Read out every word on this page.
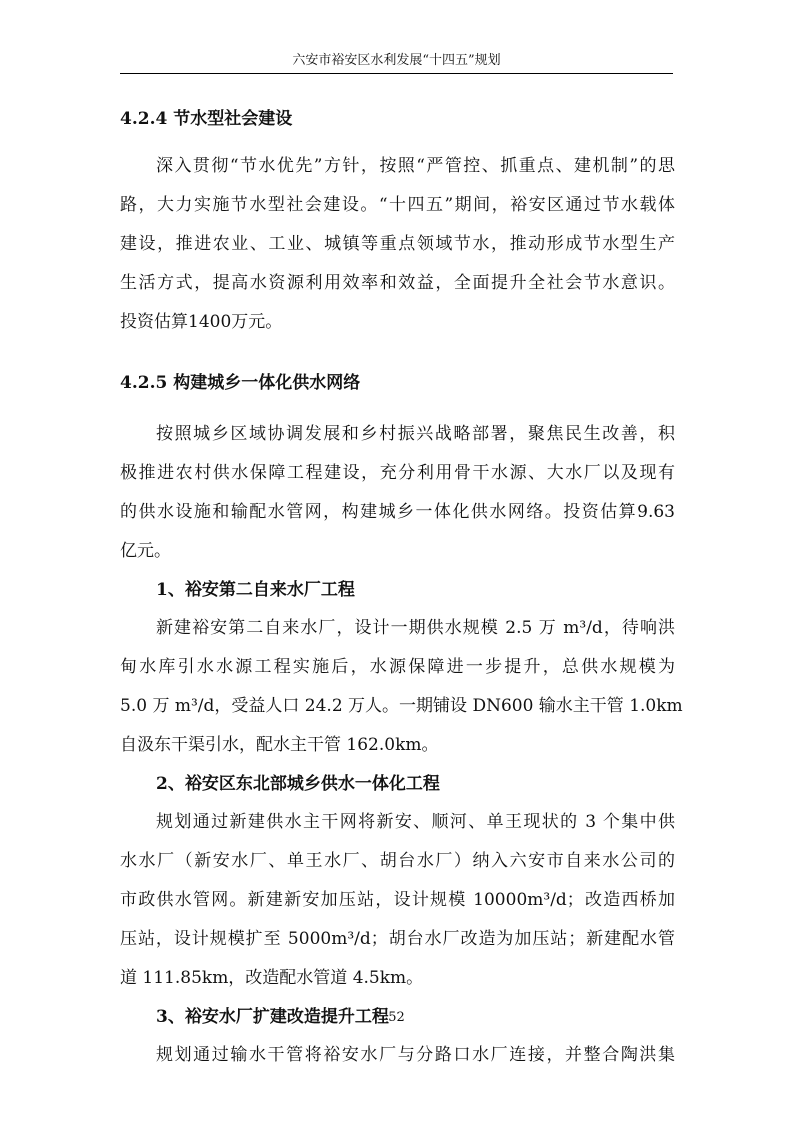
六安市裕安区水利发展“十四五”规划
4.2.4 节水型社会建设
深入贯彻“节水优先”方针，按照“严管控、抓重点、建机制”的思
路，大力实施节水型社会建设。“十四五”期间，裕安区通过节水载体
建设，推进农业、工业、城镇等重点领域节水，推动形成节水型生产
生活方式，提高水资源利用效率和效益，全面提升全社会节水意识。
投资估算1400万元。
4.2.5 构建城乡一体化供水网络
按照城乡区域协调发展和乡村振兴战略部署，聚焦民生改善，积
极推进农村供水保障工程建设，充分利用骨干水源、大水厂以及现有
的供水设施和输配水管网，构建城乡一体化供水网络。投资估算9.63
亿元。
1、裕安第二自来水厂工程
新建裕安第二自来水厂，设计一期供水规模 2.5 万 m³/d，待响洪
甸水库引水水源工程实施后，水源保障进一步提升，总供水规模为
5.0 万 m³/d，受益人口 24.2 万人。一期铺设 DN600 输水主干管 1.0km
自汲东干渠引水，配水主干管 162.0km。
2、裕安区东北部城乡供水一体化工程
规划通过新建供水主干网将新安、顺河、单王现状的 3 个集中供
水水厂（新安水厂、单王水厂、胡台水厂）纳入六安市自来水公司的
市政供水管网。新建新安加压站，设计规模 10000m³/d；改造西桥加
压站，设计规模扩至 5000m³/d；胡台水厂改造为加压站；新建配水管
道 111.85km，改造配水管道 4.5km。
3、裕安水厂扩建改造提升工程
规划通过输水干管将裕安水厂与分路口水厂连接，并整合陶洪集
52
